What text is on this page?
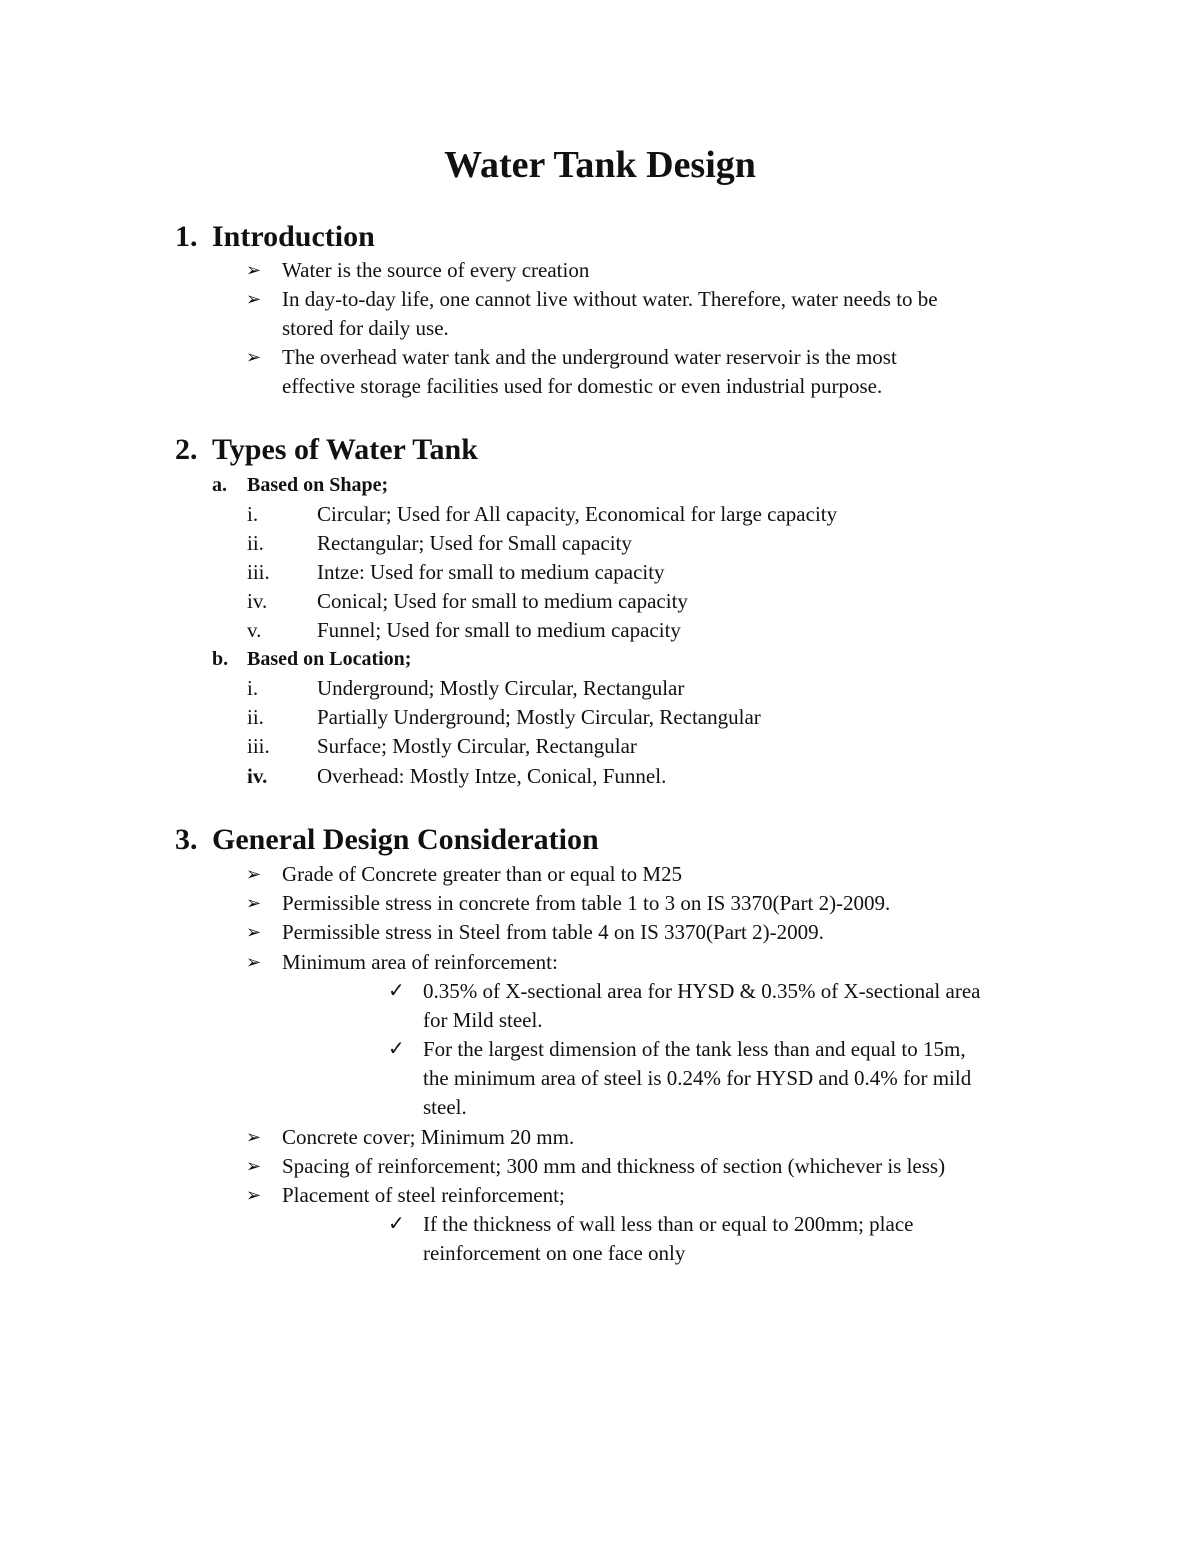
Water Tank Design
1. Introduction
➢ Water is the source of every creation
➢ In day-to-day life, one cannot live without water. Therefore, water needs to be
stored for daily use.
➢ The overhead water tank and the underground water reservoir is the most
effective storage facilities used for domestic or even industrial purpose.
2. Types of Water Tank
a. Based on Shape;
i.	Circular; Used for All capacity, Economical for large capacity
ii.	Rectangular; Used for Small capacity
iii. Intze: Used for small to medium capacity
iv. Conical; Used for small to medium capacity
v.	Funnel; Used for small to medium capacity
b. Based on Location;
i.	Underground; Mostly Circular, Rectangular
ii.	Partially Underground; Mostly Circular, Rectangular
iii. Surface; Mostly Circular, Rectangular
iv. Overhead: Mostly Intze, Conical, Funnel.
3. General Design Consideration
➢ Grade of Concrete greater than or equal to M25
➢ Permissible stress in concrete from table 1 to 3 on IS 3370(Part 2)-2009.
➢ Permissible stress in Steel from table 4 on IS 3370(Part 2)-2009.
➢ Minimum area of reinforcement:
✓ 0.35% of X-sectional area for HYSD & 0.35% of X-sectional area
for Mild steel.
✓ For the largest dimension of the tank less than and equal to 15m,
the minimum area of steel is 0.24% for HYSD and 0.4% for mild
steel.
➢ Concrete cover; Minimum 20 mm.
➢ Spacing of reinforcement; 300 mm and thickness of section (whichever is less)
➢ Placement of steel reinforcement;
✓ If the thickness of wall less than or equal to 200mm; place
reinforcement on one face only
